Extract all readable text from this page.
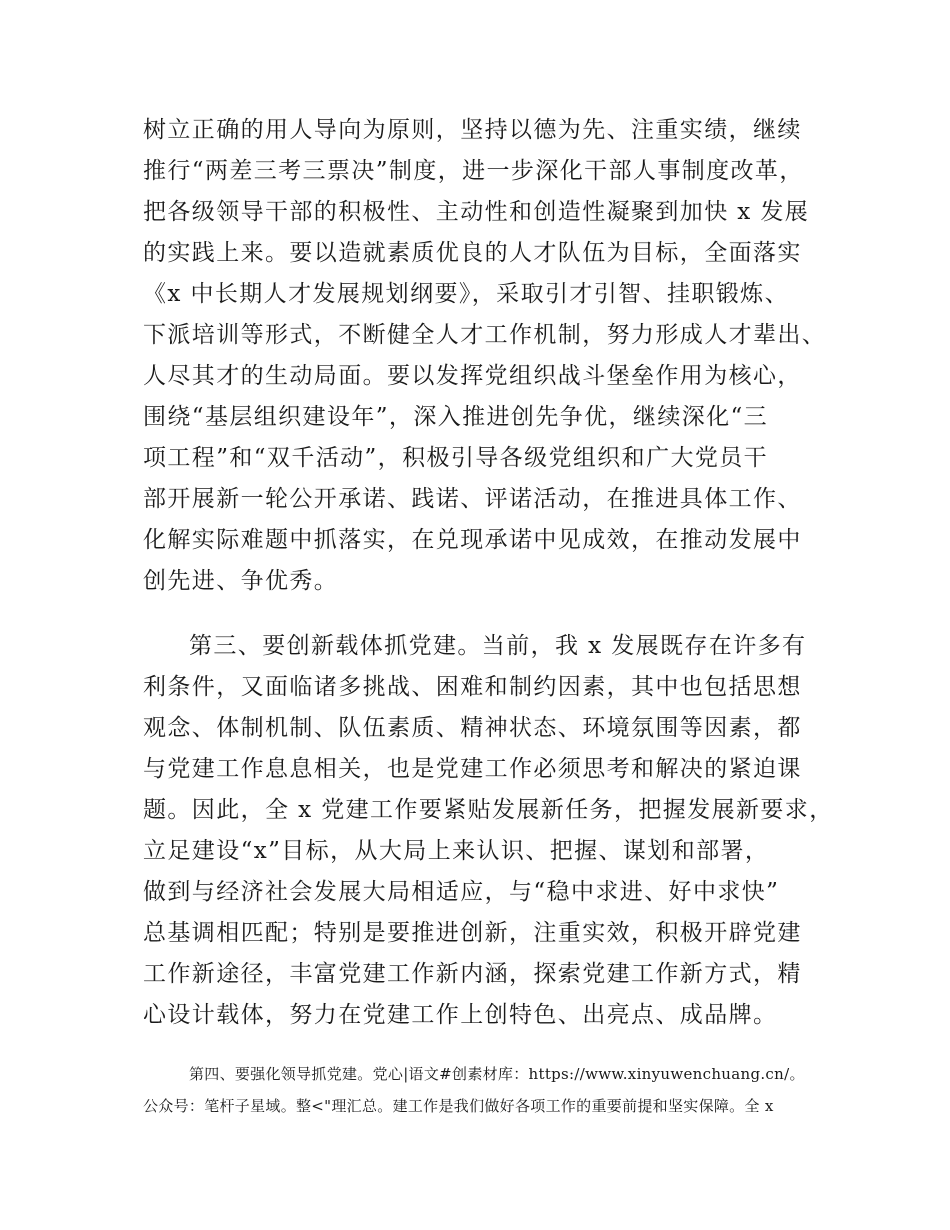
树立正确的用人导向为原则，坚持以德为先、注重实绩，继续
推行“两差三考三票决”制度，进一步深化干部人事制度改革，
把各级领导干部的积极性、主动性和创造性凝聚到加快 x 发展
的实践上来。要以造就素质优良的人才队伍为目标，全面落实
《x 中长期人才发展规划纲要》，采取引才引智、挂职锻炼、
下派培训等形式，不断健全人才工作机制，努力形成人才辈出、
人尽其才的生动局面。要以发挥党组织战斗堡垒作用为核心，
围绕“基层组织建设年”，深入推进创先争优，继续深化“三
项工程”和“双千活动”，积极引导各级党组织和广大党员干
部开展新一轮公开承诺、践诺、评诺活动，在推进具体工作、
化解实际难题中抓落实，在兑现承诺中见成效，在推动发展中
创先进、争优秀。
第三、要创新载体抓党建。当前，我 x 发展既存在许多有
利条件，又面临诸多挑战、困难和制约因素，其中也包括思想
观念、体制机制、队伍素质、精神状态、环境氛围等因素，都
与党建工作息息相关，也是党建工作必须思考和解决的紧迫课
题。因此，全 x 党建工作要紧贴发展新任务，把握发展新要求，
立足建设“x”目标，从大局上来认识、把握、谋划和部署，
做到与经济社会发展大局相适应，与“稳中求进、好中求快”
总基调相匹配；特别是要推进创新，注重实效，积极开辟党建
工作新途径，丰富党建工作新内涵，探索党建工作新方式，精
心设计载体，努力在党建工作上创特色、出亮点、成品牌。
第四、要强化领导抓党建。党心|语文#创素材库：https://www.xinyuwenchuang.cn/。
公众号：笔杆子星域。整<"理汇总。建工作是我们做好各项工作的重要前提和坚实保障。全 x
